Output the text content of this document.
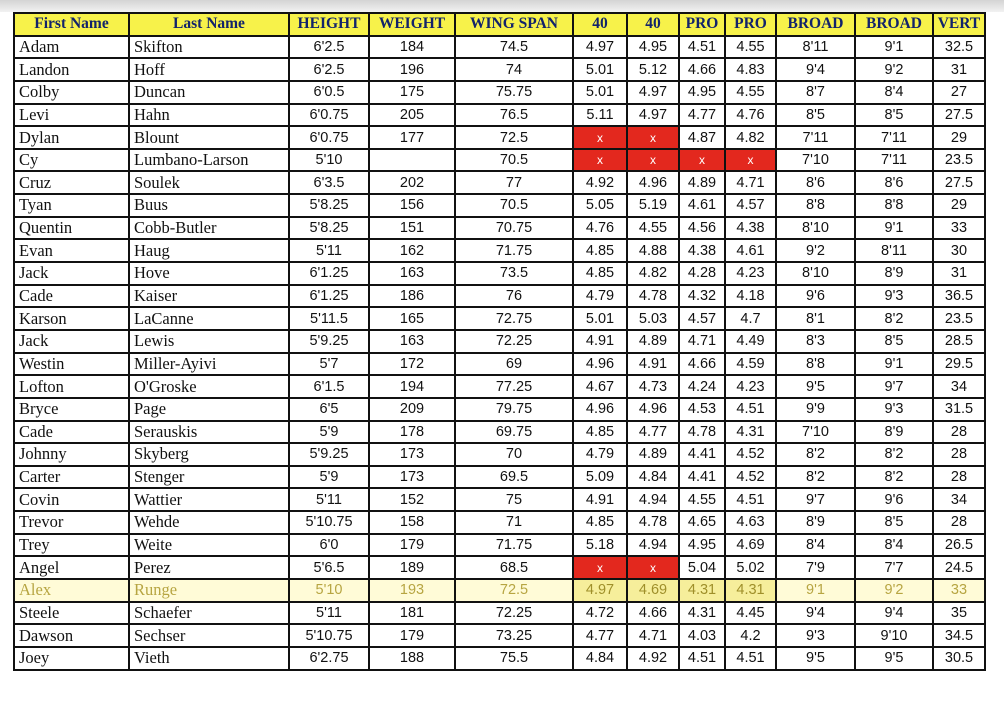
First Name	Last Name	HEIGHT	WEIGHT	WING SPAN	40	40	PRO	PRO	BROAD	BROAD	VERT
Adam	Skifton	6'2.5	184	74.5	4.97	4.95	4.51	4.55	8'11	9'1	32.5
Landon	Hoff	6'2.5	196	74	5.01	5.12	4.66	4.83	9'4	9'2	31
Colby	Duncan	6'0.5	175	75.75	5.01	4.97	4.95	4.55	8'7	8'4	27
Levi	Hahn	6'0.75	205	76.5	5.11	4.97	4.77	4.76	8'5	8'5	27.5
Dylan	Blount	6'0.75	177	72.5	x	x	4.87	4.82	7'11	7'11	29
Cy	Lumbano-Larson	5'10		70.5	x	x	x	x	7'10	7'11	23.5
Cruz	Soulek	6'3.5	202	77	4.92	4.96	4.89	4.71	8'6	8'6	27.5
Tyan	Buus	5'8.25	156	70.5	5.05	5.19	4.61	4.57	8'8	8'8	29
Quentin	Cobb-Butler	5'8.25	151	70.75	4.76	4.55	4.56	4.38	8'10	9'1	33
Evan	Haug	5'11	162	71.75	4.85	4.88	4.38	4.61	9'2	8'11	30
Jack	Hove	6'1.25	163	73.5	4.85	4.82	4.28	4.23	8'10	8'9	31
Cade	Kaiser	6'1.25	186	76	4.79	4.78	4.32	4.18	9'6	9'3	36.5
Karson	LaCanne	5'11.5	165	72.75	5.01	5.03	4.57	4.7	8'1	8'2	23.5
Jack	Lewis	5'9.25	163	72.25	4.91	4.89	4.71	4.49	8'3	8'5	28.5
Westin	Miller-Ayivi	5'7	172	69	4.96	4.91	4.66	4.59	8'8	9'1	29.5
Lofton	O'Groske	6'1.5	194	77.25	4.67	4.73	4.24	4.23	9'5	9'7	34
Bryce	Page	6'5	209	79.75	4.96	4.96	4.53	4.51	9'9	9'3	31.5
Cade	Serauskis	5'9	178	69.75	4.85	4.77	4.78	4.31	7'10	8'9	28
Johnny	Skyberg	5'9.25	173	70	4.79	4.89	4.41	4.52	8'2	8'2	28
Carter	Stenger	5'9	173	69.5	5.09	4.84	4.41	4.52	8'2	8'2	28
Covin	Wattier	5'11	152	75	4.91	4.94	4.55	4.51	9'7	9'6	34
Trevor	Wehde	5'10.75	158	71	4.85	4.78	4.65	4.63	8'9	8'5	28
Trey	Weite	6'0	179	71.75	5.18	4.94	4.95	4.69	8'4	8'4	26.5
Angel	Perez	5'6.5	189	68.5	x	x	5.04	5.02	7'9	7'7	24.5
Alex	Runge	5'10	193	72.5	4.97	4.69	4.31	4.31	9'1	9'2	33
Steele	Schaefer	5'11	181	72.25	4.72	4.66	4.31	4.45	9'4	9'4	35
Dawson	Sechser	5'10.75	179	73.25	4.77	4.71	4.03	4.2	9'3	9'10	34.5
Joey	Vieth	6'2.75	188	75.5	4.84	4.92	4.51	4.51	9'5	9'5	30.5
